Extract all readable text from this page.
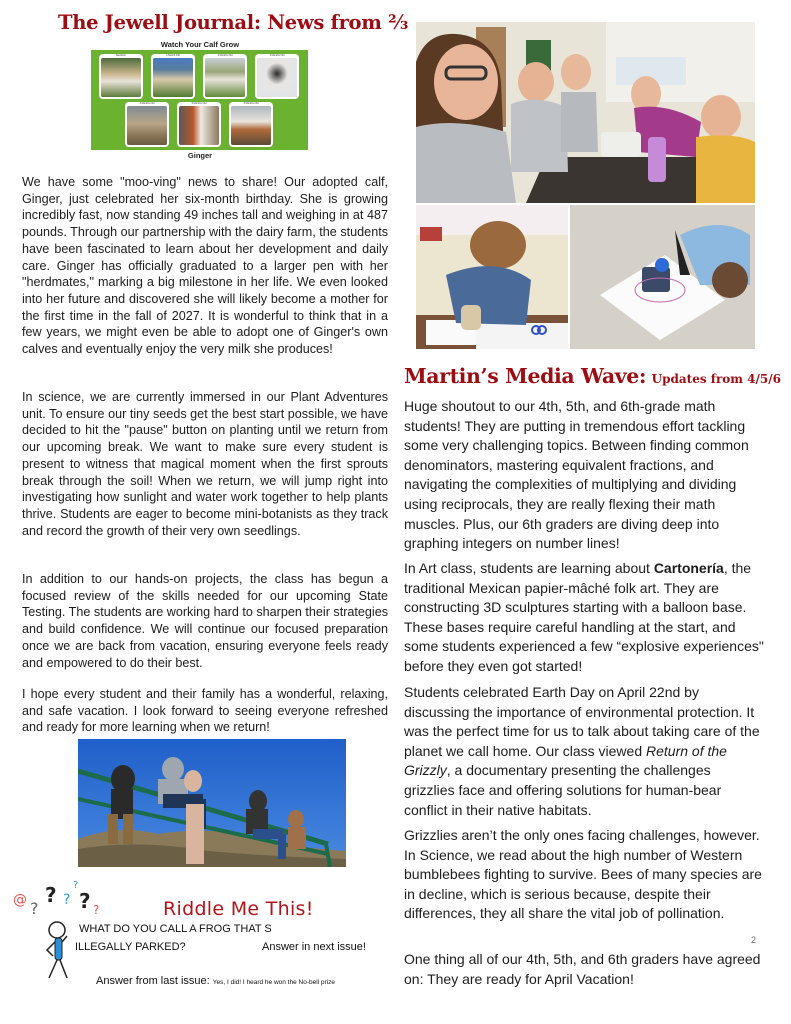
The Jewell Journal: News from ⅔
Watch Your Calf Grow
Newborn	1 Month Old	2 Months Old	3 Months Old
4 Months Old	5 Months Old	6 Months Old
Ginger

We have some "moo-ving" news to share! Our adopted calf, Ginger, just celebrated her six-month birthday. She is growing incredibly fast, now standing 49 inches tall and weighing in at 487 pounds. Through our partnership with the dairy farm, the students have been fascinated to learn about her development and daily care. Ginger has officially graduated to a larger pen with her "herdmates," marking a big milestone in her life. We even looked into her future and discovered she will likely become a mother for the first time in the fall of 2027. It is wonderful to think that in a few years, we might even be able to adopt one of Ginger's own calves and eventually enjoy the very milk she produces!

In science, we are currently immersed in our Plant Adventures unit. To ensure our tiny seeds get the best start possible, we have decided to hit the "pause" button on planting until we return from our upcoming break. We want to make sure every student is present to witness that magical moment when the first sprouts break through the soil! When we return, we will jump right into investigating how sunlight and water work together to help plants thrive. Students are eager to become mini-botanists as they track and record the growth of their very own seedlings.

In addition to our hands-on projects, the class has begun a focused review of the skills needed for our upcoming State Testing. The students are working hard to sharpen their strategies and build confidence. We will continue our focused preparation once we are back from vacation, ensuring everyone feels ready and empowered to do their best.

I hope every student and their family has a wonderful, relaxing, and safe vacation. I look forward to seeing everyone refreshed and ready for more learning when we return!

@ ?
? ?
?
? ?	Riddle Me This!
WHAT DO YOU CALL A FROG THAT S
ILLEGALLY PARKED?	Answer in next issue!
Answer from last issue: Yes, I did! I heard he won the No-bell prize
Martin’s Media Wave: Updates from 4/5/6

Huge shoutout to our 4th, 5th, and 6th-grade math students! They are putting in tremendous effort tackling some very challenging topics. Between finding common denominators, mastering equivalent fractions, and navigating the complexities of multiplying and dividing using reciprocals, they are really flexing their math muscles. Plus, our 6th graders are diving deep into graphing integers on number lines!

In Art class, students are learning about Cartonería, the traditional Mexican papier-mâché folk art. They are constructing 3D sculptures starting with a balloon base. These bases require careful handling at the start, and some students experienced a few “explosive experiences" before they even got started!

Students celebrated Earth Day on April 22nd by discussing the importance of environmental protection. It was the perfect time for us to talk about taking care of the planet we call home. Our class viewed Return of the Grizzly, a documentary presenting the challenges grizzlies face and offering solutions for human-bear conflict in their native habitats.

Grizzlies aren’t the only ones facing challenges, however. In Science, we read about the high number of Western bumblebees fighting to survive. Bees of many species are in decline, which is serious because, despite their differences, they all share the vital job of pollination.

One thing all of our 4th, 5th, and 6th graders have agreed on: They are ready for April Vacation!

2
